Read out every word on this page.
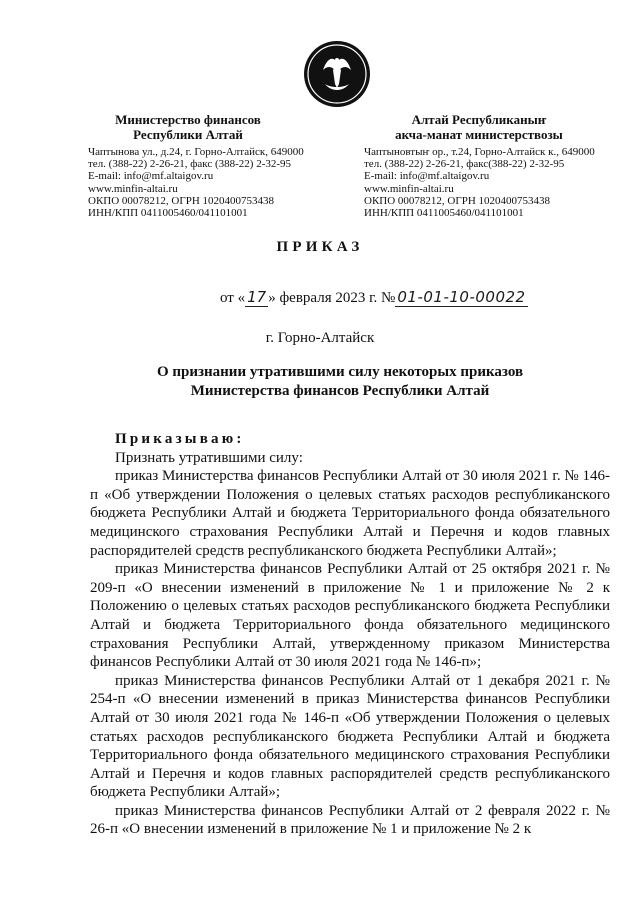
Министерство финансов
Республики Алтай
Чаптынова ул., д.24, г. Горно-Алтайск, 649000
тел. (388-22) 2-26-21, факс (388-22) 2-32-95
E-mail: info@mf.altaigov.ru
www.minfin-altai.ru
ОКПО 00078212, ОГРН 1020400753438
ИНН/КПП 0411005460/041101001
Алтай Республиканыҥ
акча-манат министерствозы
Чаптыновтыҥ ор., т.24, Горно-Алтайск к., 649000
тел. (388-22) 2-26-21, факс(388-22) 2-32-95
E-mail: info@mf.altaigov.ru
www.minfin-altai.ru
ОКПО 00078212, ОГРН 1020400753438
ИНН/КПП 0411005460/041101001
ПРИКАЗ
от « 17 » февраля 2023 г. № 01-01-10-00022
г. Горно-Алтайск
О признании утратившими силу некоторых приказов
Министерства финансов Республики Алтай
Приказываю:

Признать утратившими силу:

приказ Министерства финансов Республики Алтай от 30 июля 2021 г. № 146-п «Об утверждении Положения о целевых статьях расходов республиканского бюджета Республики Алтай и бюджета Территориального фонда обязательного медицинского страхования Республики Алтай и Перечня и кодов главных распорядителей средств республиканского бюджета Республики Алтай»;

приказ Министерства финансов Республики Алтай от 25 октября 2021 г. № 209-п «О внесении изменений в приложение № 1 и приложение № 2 к Положению о целевых статьях расходов республиканского бюджета Республики Алтай и бюджета Территориального фонда обязательного медицинского страхования Республики Алтай, утвержденному приказом Министерства финансов Республики Алтай от 30 июля 2021 года № 146-п»;

приказ Министерства финансов Республики Алтай от 1 декабря 2021 г. № 254-п «О внесении изменений в приказ Министерства финансов Республики Алтай от 30 июля 2021 года № 146-п «Об утверждении Положения о целевых статьях расходов республиканского бюджета Республики Алтай и бюджета Территориального фонда обязательного медицинского страхования Республики Алтай и Перечня и кодов главных распорядителей средств республиканского бюджета Республики Алтай»;

приказ Министерства финансов Республики Алтай от 2 февраля 2022 г. № 26-п «О внесении изменений в приложение № 1 и приложение № 2 к
